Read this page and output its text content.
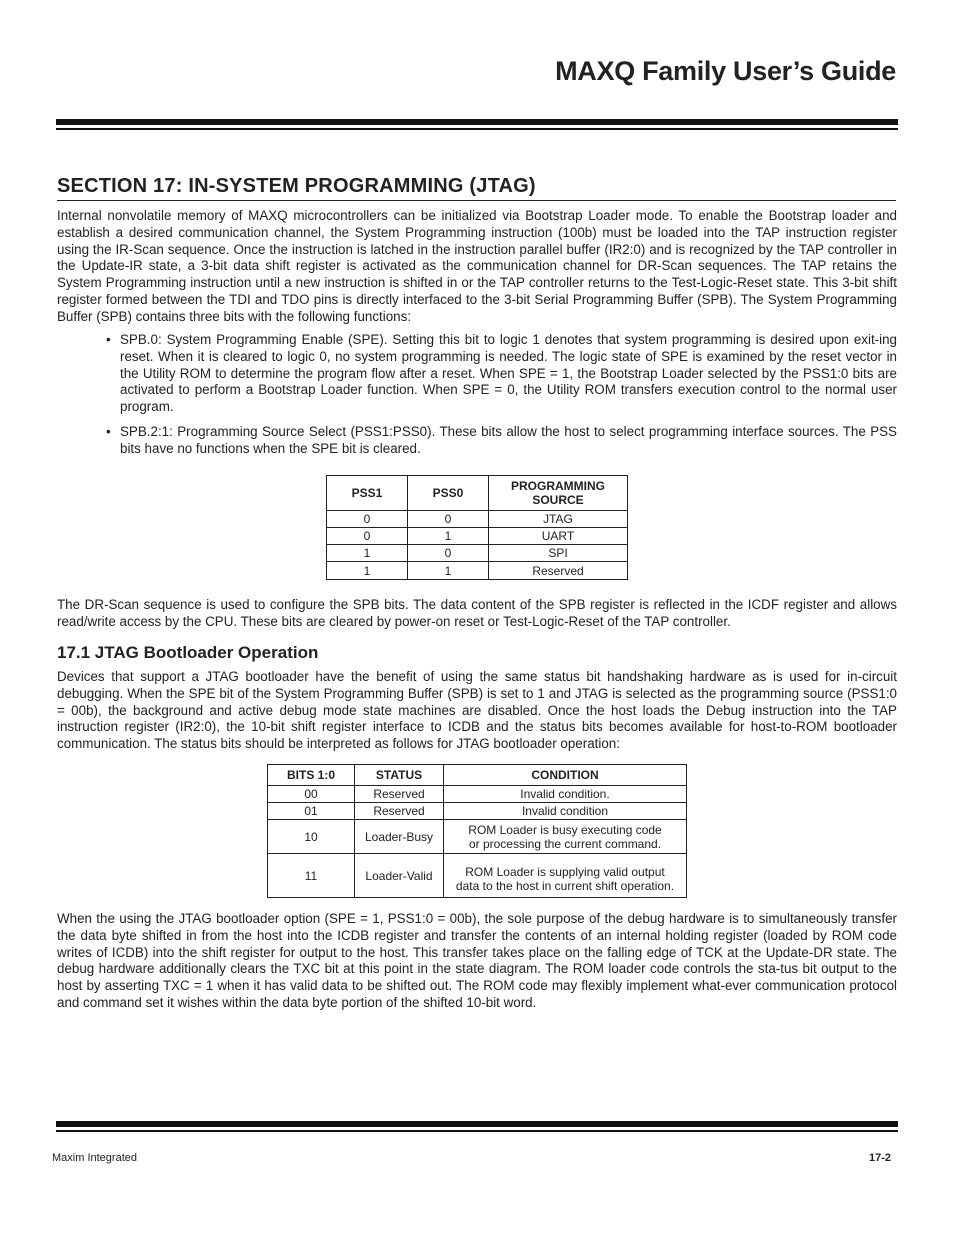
MAXQ Family User’s Guide
SECTION 17: IN-SYSTEM PROGRAMMING (JTAG)

Internal nonvolatile memory of MAXQ microcontrollers can be initialized via Bootstrap Loader mode. To enable the Bootstrap loader and establish a desired communication channel, the System Programming instruction (100b) must be loaded into the TAP instruction register using the IR-Scan sequence. Once the instruction is latched in the instruction parallel buffer (IR2:0) and is recognized by the TAP controller in the Update-IR state, a 3-bit data shift register is activated as the communication channel for DR-Scan sequences. The TAP retains the System Programming instruction until a new instruction is shifted in or the TAP controller returns to the Test-Logic-Reset state. This 3-bit shift register formed between the TDI and TDO pins is directly interfaced to the 3-bit Serial Programming Buffer (SPB). The System Programming Buffer (SPB) contains three bits with the following functions:

• SPB.0: System Programming Enable (SPE). Setting this bit to logic 1 denotes that system programming is desired upon exit-ing reset. When it is cleared to logic 0, no system programming is needed. The logic state of SPE is examined by the reset vector in the Utility ROM to determine the program flow after a reset. When SPE = 1, the Bootstrap Loader selected by the PSS1:0 bits are activated to perform a Bootstrap Loader function. When SPE = 0, the Utility ROM transfers execution control to the normal user program.
• SPB.2:1: Programming Source Select (PSS1:PSS0). These bits allow the host to select programming interface sources. The PSS bits have no functions when the SPE bit is cleared.
PSS1	PSS0	PROGRAMMING
SOURCE
0	0	JTAG
0	1	UART
1	0	SPI
1	1	Reserved

The DR-Scan sequence is used to configure the SPB bits. The data content of the SPB register is reflected in the ICDF register and allows read/write access by the CPU. These bits are cleared by power-on reset or Test-Logic-Reset of the TAP controller.

17.1 JTAG Bootloader Operation

Devices that support a JTAG bootloader have the benefit of using the same status bit handshaking hardware as is used for in-circuit debugging. When the SPE bit of the System Programming Buffer (SPB) is set to 1 and JTAG is selected as the programming source (PSS1:0 = 00b), the background and active debug mode state machines are disabled. Once the host loads the Debug instruction into the TAP instruction register (IR2:0), the 10-bit shift register interface to ICDB and the status bits becomes available for host-to-ROM bootloader communication. The status bits should be interpreted as follows for JTAG bootloader operation:

BITS 1:0	STATUS	CONDITION
00	Reserved	Invalid condition.
01	Reserved	Invalid condition
10	Loader-Busy	ROM Loader is busy executing code
or processing the current command.
11	Loader-Valid	ROM Loader is supplying valid output
data to the host in current shift operation.

When the using the JTAG bootloader option (SPE = 1, PSS1:0 = 00b), the sole purpose of the debug hardware is to simultaneously transfer the data byte shifted in from the host into the ICDB register and transfer the contents of an internal holding register (loaded by ROM code writes of ICDB) into the shift register for output to the host. This transfer takes place on the falling edge of TCK at the Update-DR state. The debug hardware additionally clears the TXC bit at this point in the state diagram. The ROM loader code controls the sta-tus bit output to the host by asserting TXC = 1 when it has valid data to be shifted out. The ROM code may flexibly implement what-ever communication protocol and command set it wishes within the data byte portion of the shifted 10-bit word.

Maxim Integrated	17-2
